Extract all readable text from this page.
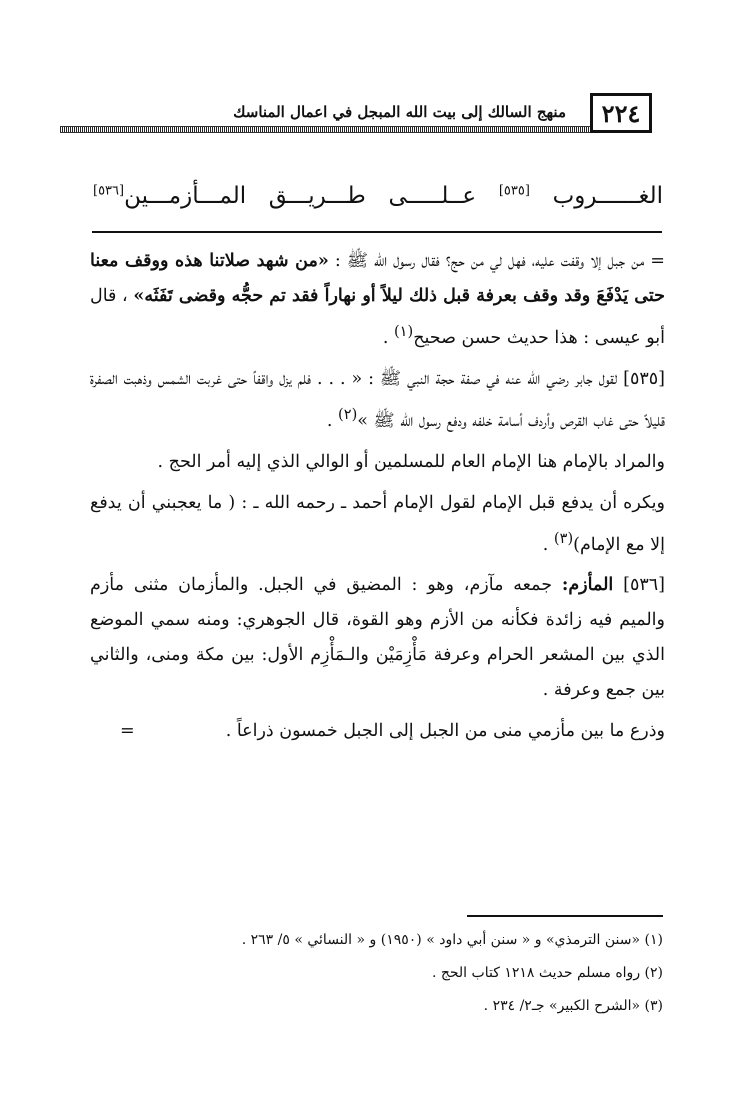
٢٢٤
منهج السالك إلى بيت الله المبجل في اعمال المناسك
الغــــــروب [٥٣٥] عــلـــــى طـــريـــق المـــأزمـــين[٥٣٦]

= من جبل إلا وقفت عليه، فهل لي من حج؟ فقال رسول الله ﷺ : «من شهد صلاتنا هذه ووقف معنا حتى يَدْفَعَ وقد وقف بعرفة قبل ذلك ليلاً أو نهاراً فقد تم حجُّه وقضى تَفَثَه» ، قال أبو عيسى : هذا حديث حسن صحيح$^{(١)}$ .

[٥٣٥] لقول جابر رضي الله عنه في صفة حجة النبي ﷺ : « . . . فلم يزل واقفاً حتى غربت الشمس وذهبت الصفرة قليلاً حتى غاب القرص وأردف أسامة خلفه ودفع رسول الله ﷺ »$^{(٢)}$ .

والمراد بالإمام هنا الإمام العام للمسلمين أو الوالي الذي إليه أمر الحج .

ويكره أن يدفع قبل الإمام لقول الإمام أحمد ـ رحمه الله ـ : ( ما يعجبني أن يدفع إلا مع الإمام)$^{(٣)}$ .

[٥٣٦] المأزم: جمعه مآزم، وهو : المضيق في الجبل. والمأزمان مثنى مأزم والميم فيه زائدة فكأنه من الأزم وهو القوة، قال الجوهري: ومنه سمي الموضع الذي بين المشعر الحرام وعرفة مَأْزِمَيْن والـمَأْزِم الأول: بين مكة ومنى، والثاني بين جمع وعرفة .

وذرع ما بين مأزمي منى من الجبل إلى الجبل خمسون ذراعاً .
=

(١) «سنن الترمذي» و « سنن أبي داود » (١٩٥٠) و « النسائي » ٥/ ٢٦٣ .

(٢) رواه مسلم حديث ١٢١٨ كتاب الحج .

(٣) «الشرح الكبير» جـ٢/ ٢٣٤ .
